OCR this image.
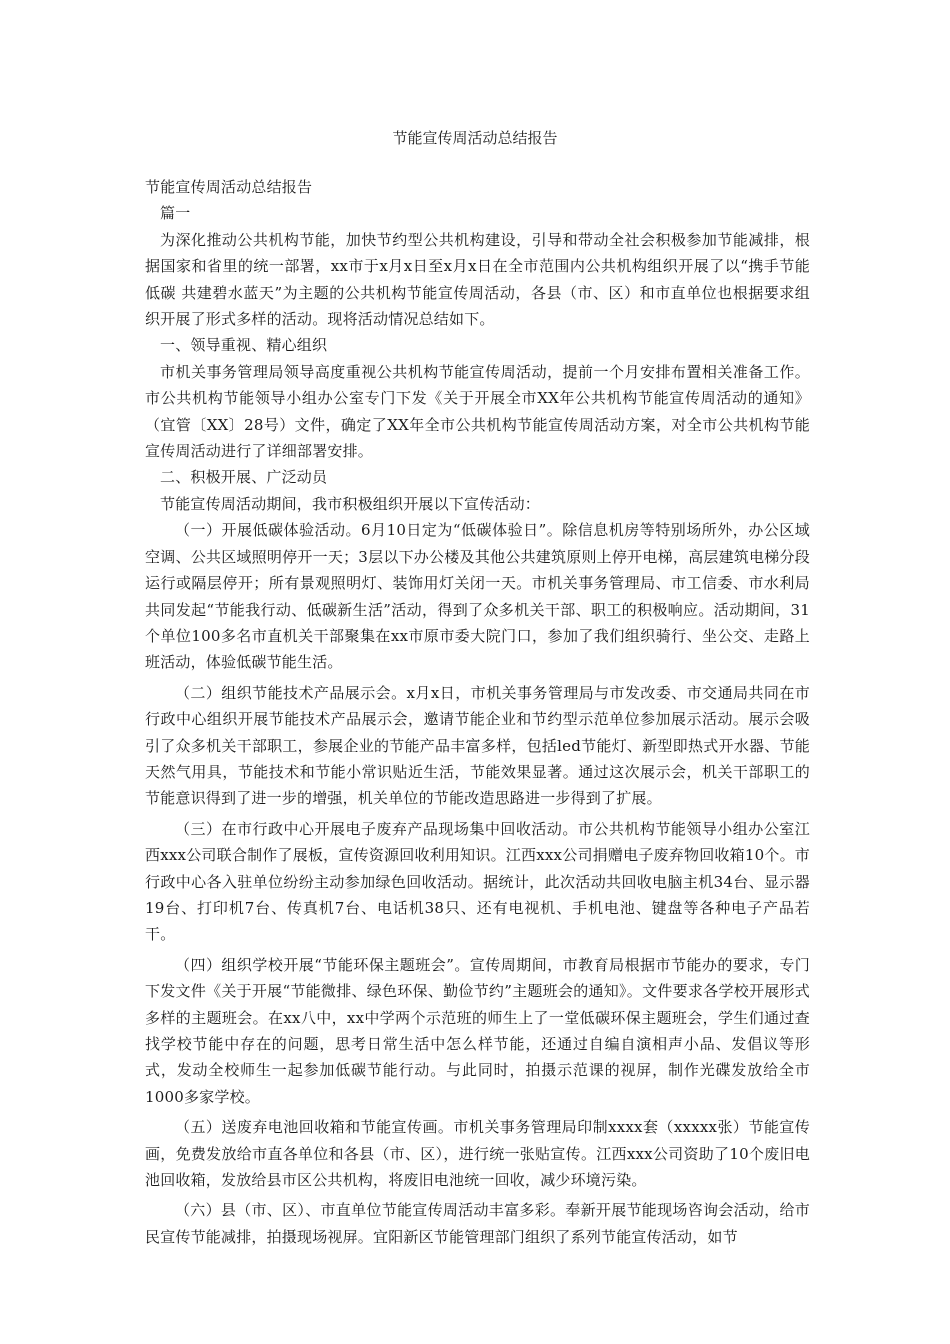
节能宣传周活动总结报告

节能宣传周活动总结报告

篇一

为深化推动公共机构节能，加快节约型公共机构建设，引导和带动全社会积极参加节能减排，根据国家和省里的统一部署，xx市于x月x日至x月x日在全市范围内公共机构组织开展了以“携手节能低碳 共建碧水蓝天”为主题的公共机构节能宣传周活动，各县（市、区）和市直单位也根据要求组织开展了形式多样的活动。现将活动情况总结如下。

一、领导重视、精心组织

市机关事务管理局领导高度重视公共机构节能宣传周活动，提前一个月安排布置相关准备工作。市公共机构节能领导小组办公室专门下发《关于开展全市XX年公共机构节能宣传周活动的通知》（宜管〔XX〕28号）文件，确定了XX年全市公共机构节能宣传周活动方案，对全市公共机构节能宣传周活动进行了详细部署安排。

二、积极开展、广泛动员

节能宣传周活动期间，我市积极组织开展以下宣传活动：

（一）开展低碳体验活动。6月10日定为“低碳体验日”。除信息机房等特别场所外，办公区域空调、公共区域照明停开一天；3层以下办公楼及其他公共建筑原则上停开电梯，高层建筑电梯分段运行或隔层停开；所有景观照明灯、装饰用灯关闭一天。市机关事务管理局、市工信委、市水利局共同发起“节能我行动、低碳新生活”活动，得到了众多机关干部、职工的积极响应。活动期间，31个单位100多名市直机关干部聚集在xx市原市委大院门口，参加了我们组织骑行、坐公交、走路上班活动，体验低碳节能生活。

（二）组织节能技术产品展示会。x月x日，市机关事务管理局与市发改委、市交通局共同在市行政中心组织开展节能技术产品展示会，邀请节能企业和节约型示范单位参加展示活动。展示会吸引了众多机关干部职工，参展企业的节能产品丰富多样，包括led节能灯、新型即热式开水器、节能天然气用具，节能技术和节能小常识贴近生活，节能效果显著。通过这次展示会，机关干部职工的节能意识得到了进一步的增强，机关单位的节能改造思路进一步得到了扩展。

（三）在市行政中心开展电子废弃产品现场集中回收活动。市公共机构节能领导小组办公室江西xxx公司联合制作了展板，宣传资源回收利用知识。江西xxx公司捐赠电子废弃物回收箱10个。市行政中心各入驻单位纷纷主动参加绿色回收活动。据统计，此次活动共回收电脑主机34台、显示器19台、打印机7台、传真机7台、电话机38只、还有电视机、手机电池、键盘等各种电子产品若干。

（四）组织学校开展“节能环保主题班会”。宣传周期间，市教育局根据市节能办的要求，专门下发文件《关于开展“节能微排、绿色环保、勤俭节约”主题班会的通知》。文件要求各学校开展形式多样的主题班会。在xx八中，xx中学两个示范班的师生上了一堂低碳环保主题班会，学生们通过查找学校节能中存在的问题，思考日常生活中怎么样节能，还通过自编自演相声小品、发倡议等形式，发动全校师生一起参加低碳节能行动。与此同时，拍摄示范课的视屏，制作光碟发放给全市1000多家学校。

（五）送废弃电池回收箱和节能宣传画。市机关事务管理局印制xxxx套（xxxxx张）节能宣传画，免费发放给市直各单位和各县（市、区），进行统一张贴宣传。江西xxx公司资助了10个废旧电池回收箱，发放给县市区公共机构，将废旧电池统一回收，减少环境污染。

（六）县（市、区）、市直单位节能宣传周活动丰富多彩。奉新开展节能现场咨询会活动，给市民宣传节能减排，拍摄现场视屏。宜阳新区节能管理部门组织了系列节能宣传活动，如节
